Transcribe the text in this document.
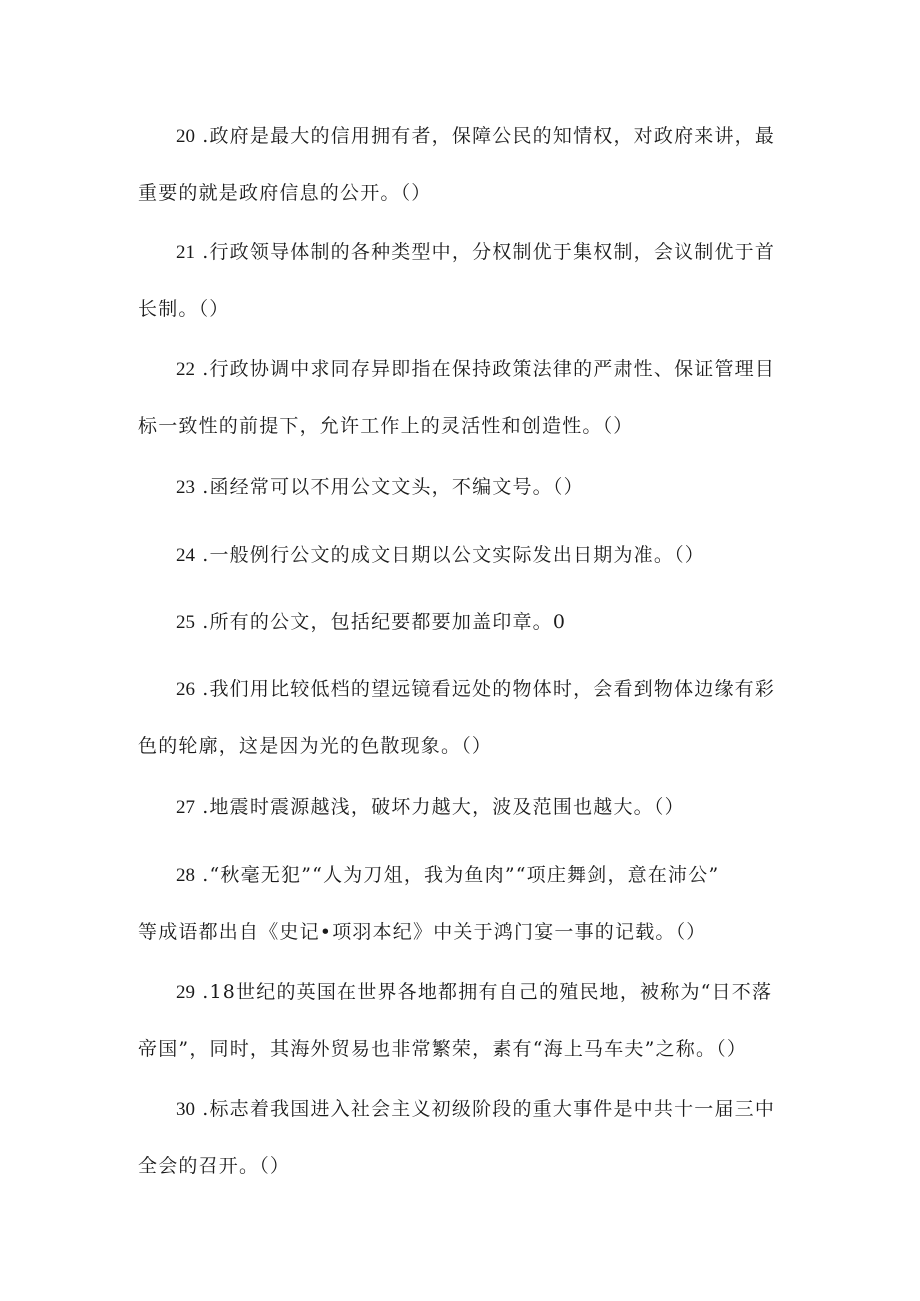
20 .政府是最大的信用拥有者，保障公民的知情权，对政府来讲，最
重要的就是政府信息的公开。（）
21 .行政领导体制的各种类型中，分权制优于集权制，会议制优于首
长制。（）
22 .行政协调中求同存异即指在保持政策法律的严肃性、保证管理目
标一致性的前提下，允许工作上的灵活性和创造性。（）
23 .函经常可以不用公文文头，不编文号。（）
24 .一般例行公文的成文日期以公文实际发出日期为准。（）
25 .所有的公文，包括纪要都要加盖印章。0
26 .我们用比较低档的望远镜看远处的物体时，会看到物体边缘有彩
色的轮廓，这是因为光的色散现象。（）
27 .地震时震源越浅，破坏力越大，波及范围也越大。（）
28 .“秋毫无犯”“人为刀俎，我为鱼肉”“项庄舞剑，意在沛公”
等成语都出自《史记•项羽本纪》中关于鸿门宴一事的记载。（）
29 .18世纪的英国在世界各地都拥有自己的殖民地，被称为“日不落
帝国”，同时，其海外贸易也非常繁荣，素有“海上马车夫”之称。（）
30 .标志着我国进入社会主义初级阶段的重大事件是中共十一届三中
全会的召开。（）
